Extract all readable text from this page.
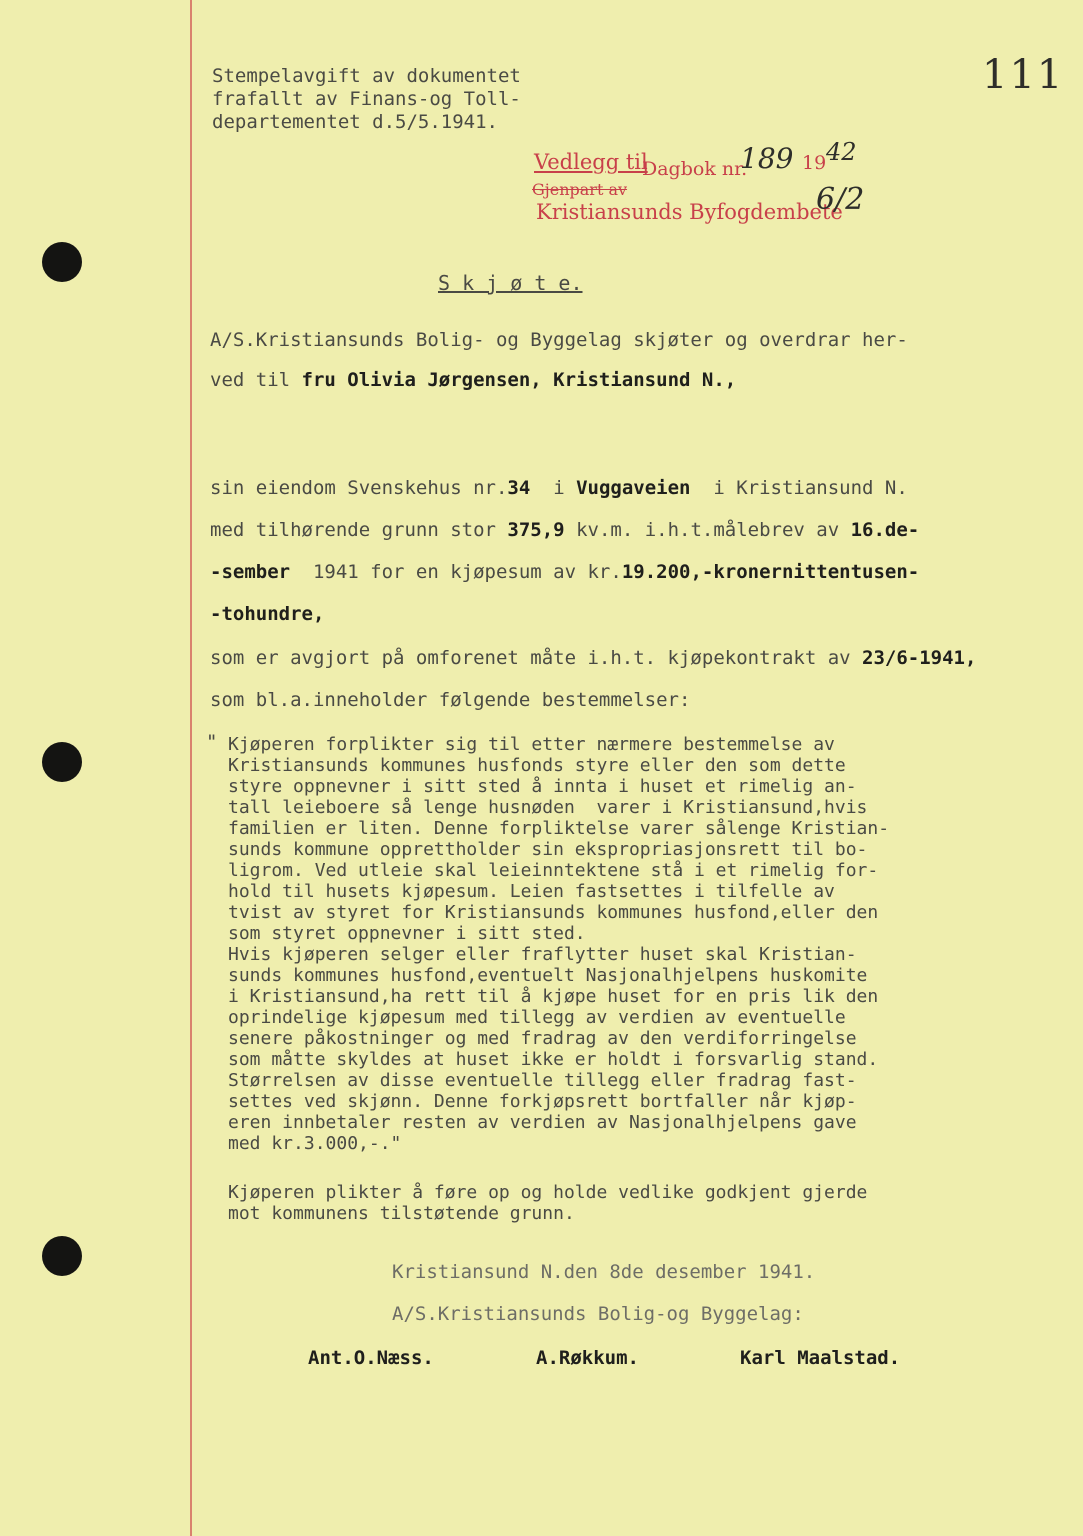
111
Stempelavgift av dokumentet
frafallt av Finans-og Toll-
departementet d.5/5.1941.
Vedlegg til
Dagbok nr.
189 19 42
Gjenpart av
Kristiansunds Byfogdembete
6/2
S k j ø t e.
A/S.Kristiansunds Bolig- og Byggelag skjøter og overdrar her-
ved til fru Olivia Jørgensen, Kristiansund N.,
sin eiendom Svenskehus nr.34  i Vuggaveien  i Kristiansund N.
med tilhørende grunn stor 375,9 kv.m. i.h.t.målebrev av 16.de-
-sember  1941 for en kjøpesum av kr.19.200,-kronernittentusen-
-tohundre,
som er avgjort på omforenet måte i.h.t. kjøpekontrakt av 23/6-1941,
som bl.a.inneholder følgende bestemmelser:
" Kjøperen forplikter sig til etter nærmere bestemmelse av
Kristiansunds kommunes husfonds styre eller den som dette
styre oppnevner i sitt sted å innta i huset et rimelig an-
tall leieboere så lenge husnøden  varer i Kristiansund,hvis
familien er liten. Denne forpliktelse varer sålenge Kristian-
sunds kommune opprettholder sin ekspropriasjonsrett til bo-
ligrom. Ved utleie skal leieinntektene stå i et rimelig for-
hold til husets kjøpesum. Leien fastsettes i tilfelle av
tvist av styret for Kristiansunds kommunes husfond,eller den
som styret oppnevner i sitt sted.
Hvis kjøperen selger eller fraflytter huset skal Kristian-
sunds kommunes husfond,eventuelt Nasjonalhjelpens huskomite
i Kristiansund,ha rett til å kjøpe huset for en pris lik den
oprindelige kjøpesum med tillegg av verdien av eventuelle
senere påkostninger og med fradrag av den verdiforringelse
som måtte skyldes at huset ikke er holdt i forsvarlig stand.
Størrelsen av disse eventuelle tillegg eller fradrag fast-
settes ved skjønn. Denne forkjøpsrett bortfaller når kjøp-
eren innbetaler resten av verdien av Nasjonalhjelpens gave
med kr.3.000,-."
Kjøperen plikter å føre op og holde vedlike godkjent gjerde
mot kommunens tilstøtende grunn.
Kristiansund N.den 8de desember 1941.
A/S.Kristiansunds Bolig-og Byggelag:
Ant.O.Næss.	A.Røkkum.	Karl Maalstad.
